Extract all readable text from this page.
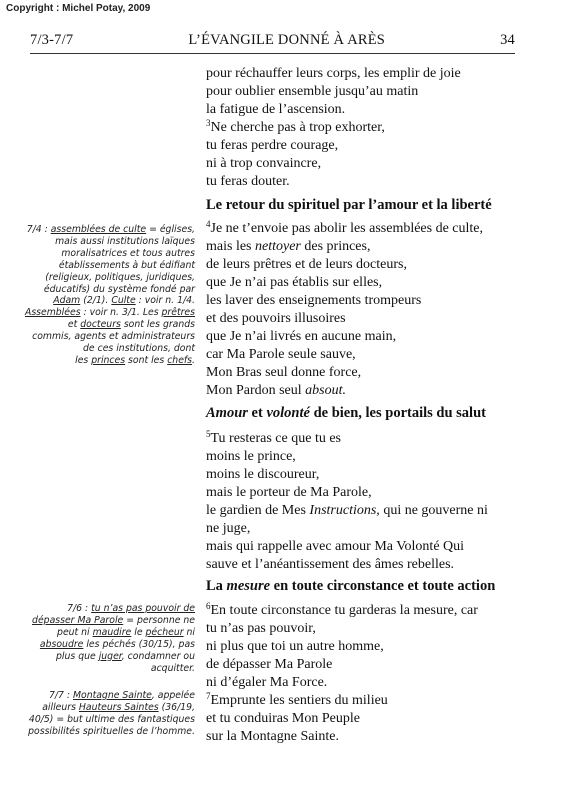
Copyright : Michel Potay, 2009
7/3-7/7	L’ÉVANGILE DONNÉ À ARÈS	34
pour réchauffer leurs corps, les emplir de joie
pour oublier ensemble jusqu’au matin
la fatigue de l’ascension.
$^3$Ne cherche pas à trop exhorter,
tu feras perdre courage,
ni à trop convaincre,
tu feras douter.
Le retour du spirituel par l’amour et la liberté
$^4$Je ne t’envoie pas abolir les assemblées de culte,
mais les nettoyer des princes,
de leurs prêtres et de leurs docteurs,
que Je n’ai pas établis sur elles,
les laver des enseignements trompeurs
et des pouvoirs illusoires
que Je n’ai livrés en aucune main,
car Ma Parole seule sauve,
Mon Bras seul donne force,
Mon Pardon seul absout.
Amour et volonté de bien, les portails du salut
$^5$Tu resteras ce que tu es
moins le prince,
moins le discoureur,
mais le porteur de Ma Parole,
le gardien de Mes Instructions, qui ne gouverne ni
ne juge,
mais qui rappelle avec amour Ma Volonté Qui
sauve et l’anéantissement des âmes rebelles.
La mesure en toute circonstance et toute action
$^6$En toute circonstance tu garderas la mesure, car
tu n’as pas pouvoir,
ni plus que toi un autre homme,
de dépasser Ma Parole
ni d’égaler Ma Force.
$^7$Emprunte les sentiers du milieu
et tu conduiras Mon Peuple
sur la Montagne Sainte.
7/4 : assemblées de culte = églises,
mais aussi institutions laïques
moralisatrices et tous autres
établissements à but édifiant
(religieux, politiques, juridiques,
éducatifs) du système fondé par
Adam (2/1). Culte : voir n. 1/4.
Assemblées : voir n. 3/1. Les prêtres
et docteurs sont les grands
commis, agents et administrateurs
de ces institutions, dont
les princes sont les chefs.
7/6 : tu n’as pas pouvoir de
dépasser Ma Parole = personne ne
peut ni maudire le pécheur ni
absoudre les péchés (30/15), pas
plus que juger, condamner ou
acquitter.
7/7 : Montagne Sainte, appelée
ailleurs Hauteurs Saintes (36/19,
40/5) = but ultime des fantastiques
possibilités spirituelles de l’homme.
